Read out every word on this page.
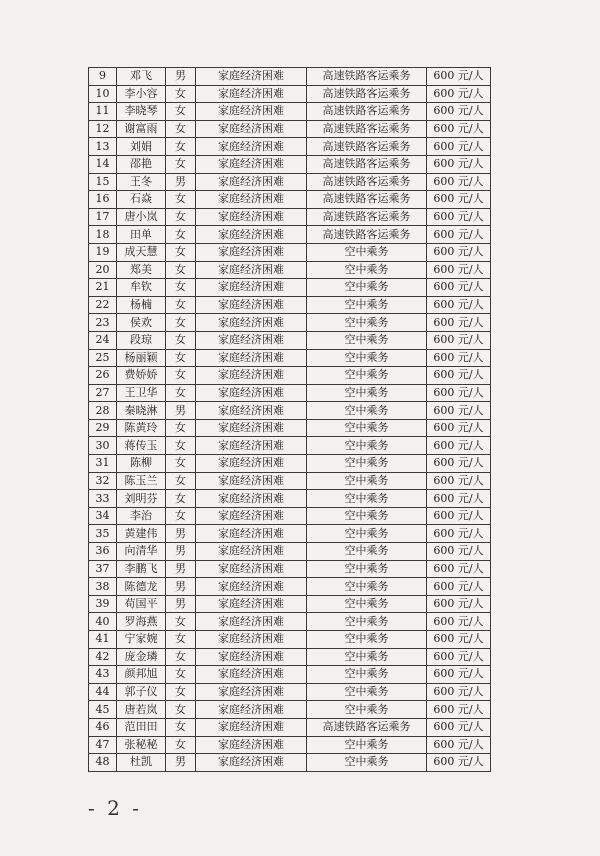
9	邓飞	男	家庭经济困难	高速铁路客运乘务	600 元/人
10	李小容	女	家庭经济困难	高速铁路客运乘务	600 元/人
11	李晓琴	女	家庭经济困难	高速铁路客运乘务	600 元/人
12	谢富雨	女	家庭经济困难	高速铁路客运乘务	600 元/人
13	刘娟	女	家庭经济困难	高速铁路客运乘务	600 元/人
14	邵艳	女	家庭经济困难	高速铁路客运乘务	600 元/人
15	王冬	男	家庭经济困难	高速铁路客运乘务	600 元/人
16	石焱	女	家庭经济困难	高速铁路客运乘务	600 元/人
17	唐小岚	女	家庭经济困难	高速铁路客运乘务	600 元/人
18	田单	女	家庭经济困难	高速铁路客运乘务	600 元/人
19	成天慧	女	家庭经济困难	空中乘务	600 元/人
20	郑美	女	家庭经济困难	空中乘务	600 元/人
21	牟钦	女	家庭经济困难	空中乘务	600 元/人
22	杨楠	女	家庭经济困难	空中乘务	600 元/人
23	侯欢	女	家庭经济困难	空中乘务	600 元/人
24	段琼	女	家庭经济困难	空中乘务	600 元/人
25	杨丽颖	女	家庭经济困难	空中乘务	600 元/人
26	费娇娇	女	家庭经济困难	空中乘务	600 元/人
27	王卫华	女	家庭经济困难	空中乘务	600 元/人
28	秦晓淋	男	家庭经济困难	空中乘务	600 元/人
29	陈黄玲	女	家庭经济困难	空中乘务	600 元/人
30	蒋传玉	女	家庭经济困难	空中乘务	600 元/人
31	陈柳	女	家庭经济困难	空中乘务	600 元/人
32	陈玉兰	女	家庭经济困难	空中乘务	600 元/人
33	刘明芬	女	家庭经济困难	空中乘务	600 元/人
34	李治	女	家庭经济困难	空中乘务	600 元/人
35	黄建伟	男	家庭经济困难	空中乘务	600 元/人
36	向清华	男	家庭经济困难	空中乘务	600 元/人
37	李鹏飞	男	家庭经济困难	空中乘务	600 元/人
38	陈德龙	男	家庭经济困难	空中乘务	600 元/人
39	苟国平	男	家庭经济困难	空中乘务	600 元/人
40	罗海燕	女	家庭经济困难	空中乘务	600 元/人
41	宁家婉	女	家庭经济困难	空中乘务	600 元/人
42	庞金璘	女	家庭经济困难	空中乘务	600 元/人
43	颜邦旭	女	家庭经济困难	空中乘务	600 元/人
44	郭子仪	女	家庭经济困难	空中乘务	600 元/人
45	唐若岚	女	家庭经济困难	空中乘务	600 元/人
46	范田田	女	家庭经济困难	高速铁路客运乘务	600 元/人
47	张秘秘	女	家庭经济困难	空中乘务	600 元/人
48	杜凯	男	家庭经济困难	空中乘务	600 元/人
- 2 -
